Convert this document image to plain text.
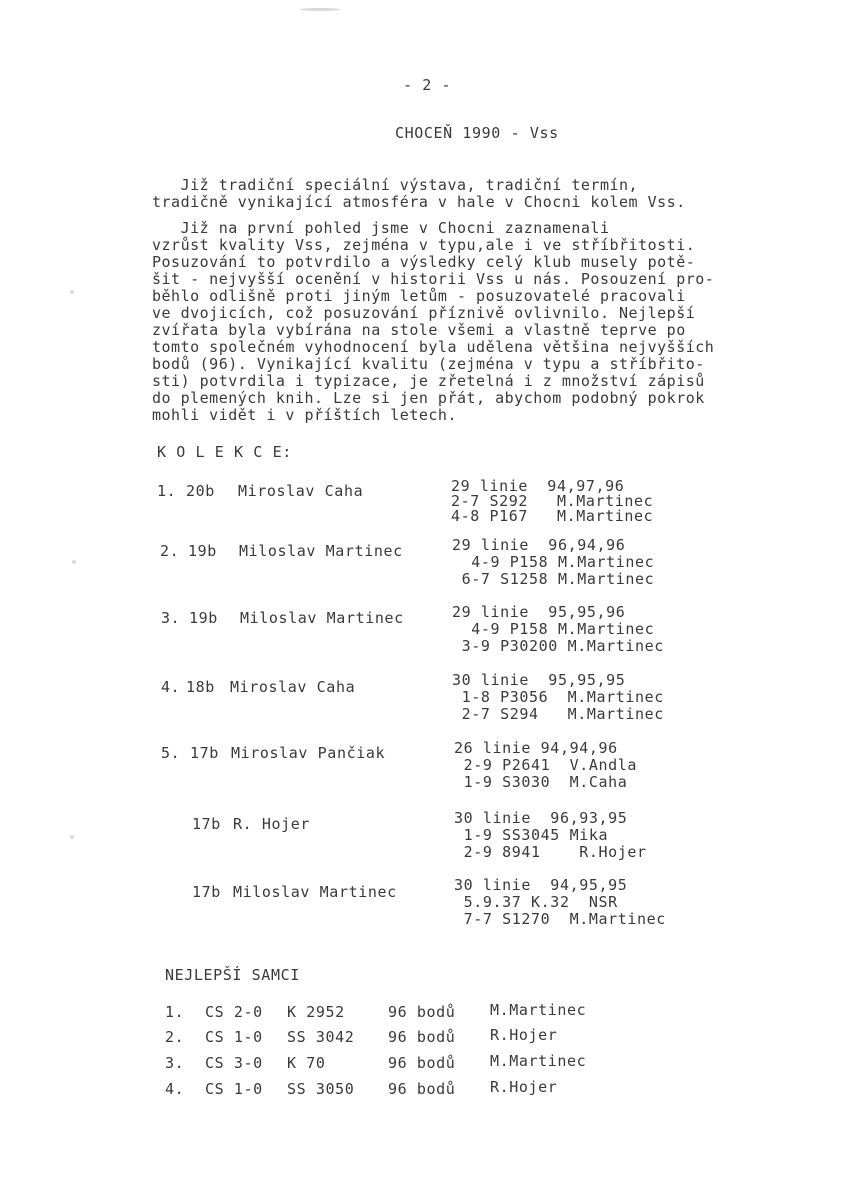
- 2 -
CHOCEŇ 1990 - Vss
Již tradiční speciální výstava, tradiční termín,
tradičně vynikající atmosféra v hale v Chocni kolem Vss.
Již na první pohled jsme v Chocni zaznamenali
vzrůst kvality Vss, zejména v typu,ale i ve stříbřitosti.
Posuzování to potvrdilo a výsledky celý klub musely potě-
šit - nejvyšší ocenění v historii Vss u nás. Posouzení pro-
běhlo odlišně proti jiným letům - posuzovatelé pracovali
ve dvojicích, což posuzování příznivě ovlivnilo. Nejlepší
zvířata byla vybírána na stole všemi a vlastně teprve po
tomto společném vyhodnocení byla udělena většina nejvyšších
bodů (96). Vynikající kvalitu (zejména v typu a stříbřito-
sti) potvrdila i typizace, je zřetelná i z množství zápisů
do plemených knih. Lze si jen přát, abychom podobný pokrok
mohli vidět i v příštích letech.
K O L E K C E:
1. 20b Miroslav Caha	29 linie  94,97,96
2-7 S292   M.Martinec
4-8 P167   M.Martinec
2. 19b Miloslav Martinec	29 linie  96,94,96
4-9 P158 M.Martinec
6-7 S1258 M.Martinec
3. 19b Miloslav Martinec	29 linie  95,95,96
4-9 P158 M.Martinec
3-9 P30200 M.Martinec
4. 18b Miroslav Caha	30 linie  95,95,95
1-8 P3056  M.Martinec
2-7 S294   M.Martinec
5. 17b Miroslav Pančiak	26 linie 94,94,96
2-9 P2641  V.Andla
1-9 S3030  M.Caha
17b R. Hojer	30 linie  96,93,95
1-9 SS3045 Mika
2-9 8941    R.Hojer
17b Miloslav Martinec	30 linie  94,95,95
5.9.37 K.32  NSR
7-7 S1270  M.Martinec
NEJLEPŠÍ SAMCI
1. CS 2-0 K 2952	96 bodů M.Martinec
2. CS 1-0 SS 3042 96 bodů R.Hojer
3. CS 3-0 K 70	96 bodů M.Martinec
4. CS 1-0 SS 3050 96 bodů R.Hojer
